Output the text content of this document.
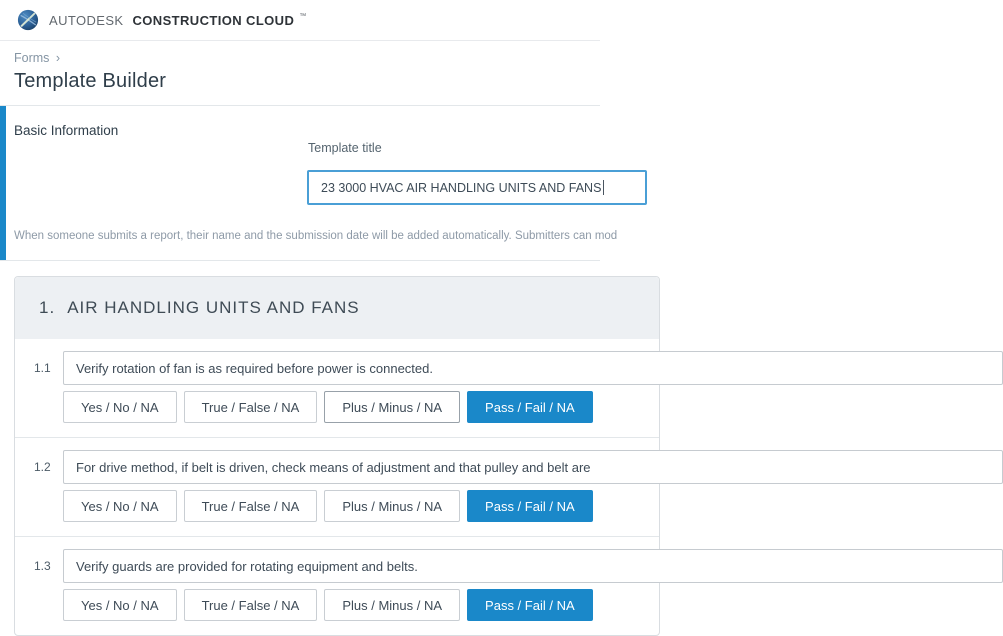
AUTODESK CONSTRUCTION CLOUD ™
Forms ›
Template Builder
Basic Information
Template title
23 3000 HVAC AIR HANDLING UNITS AND FANS

When someone submits a report, their name and the submission date will be added automatically. Submitters can mod

1. AIR HANDLING UNITS AND FANS
1.1 Verify rotation of fan is as required before power is connected.
Yes / No / NA	True / False / NA	Plus / Minus / NA	Pass / Fail / NA
1.2 For drive method, if belt is driven, check means of adjustment and that pulley and belt are
Yes / No / NA	True / False / NA	Plus / Minus / NA	Pass / Fail / NA
1.3 Verify guards are provided for rotating equipment and belts.
Yes / No / NA	True / False / NA	Plus / Minus / NA	Pass / Fail / NA
